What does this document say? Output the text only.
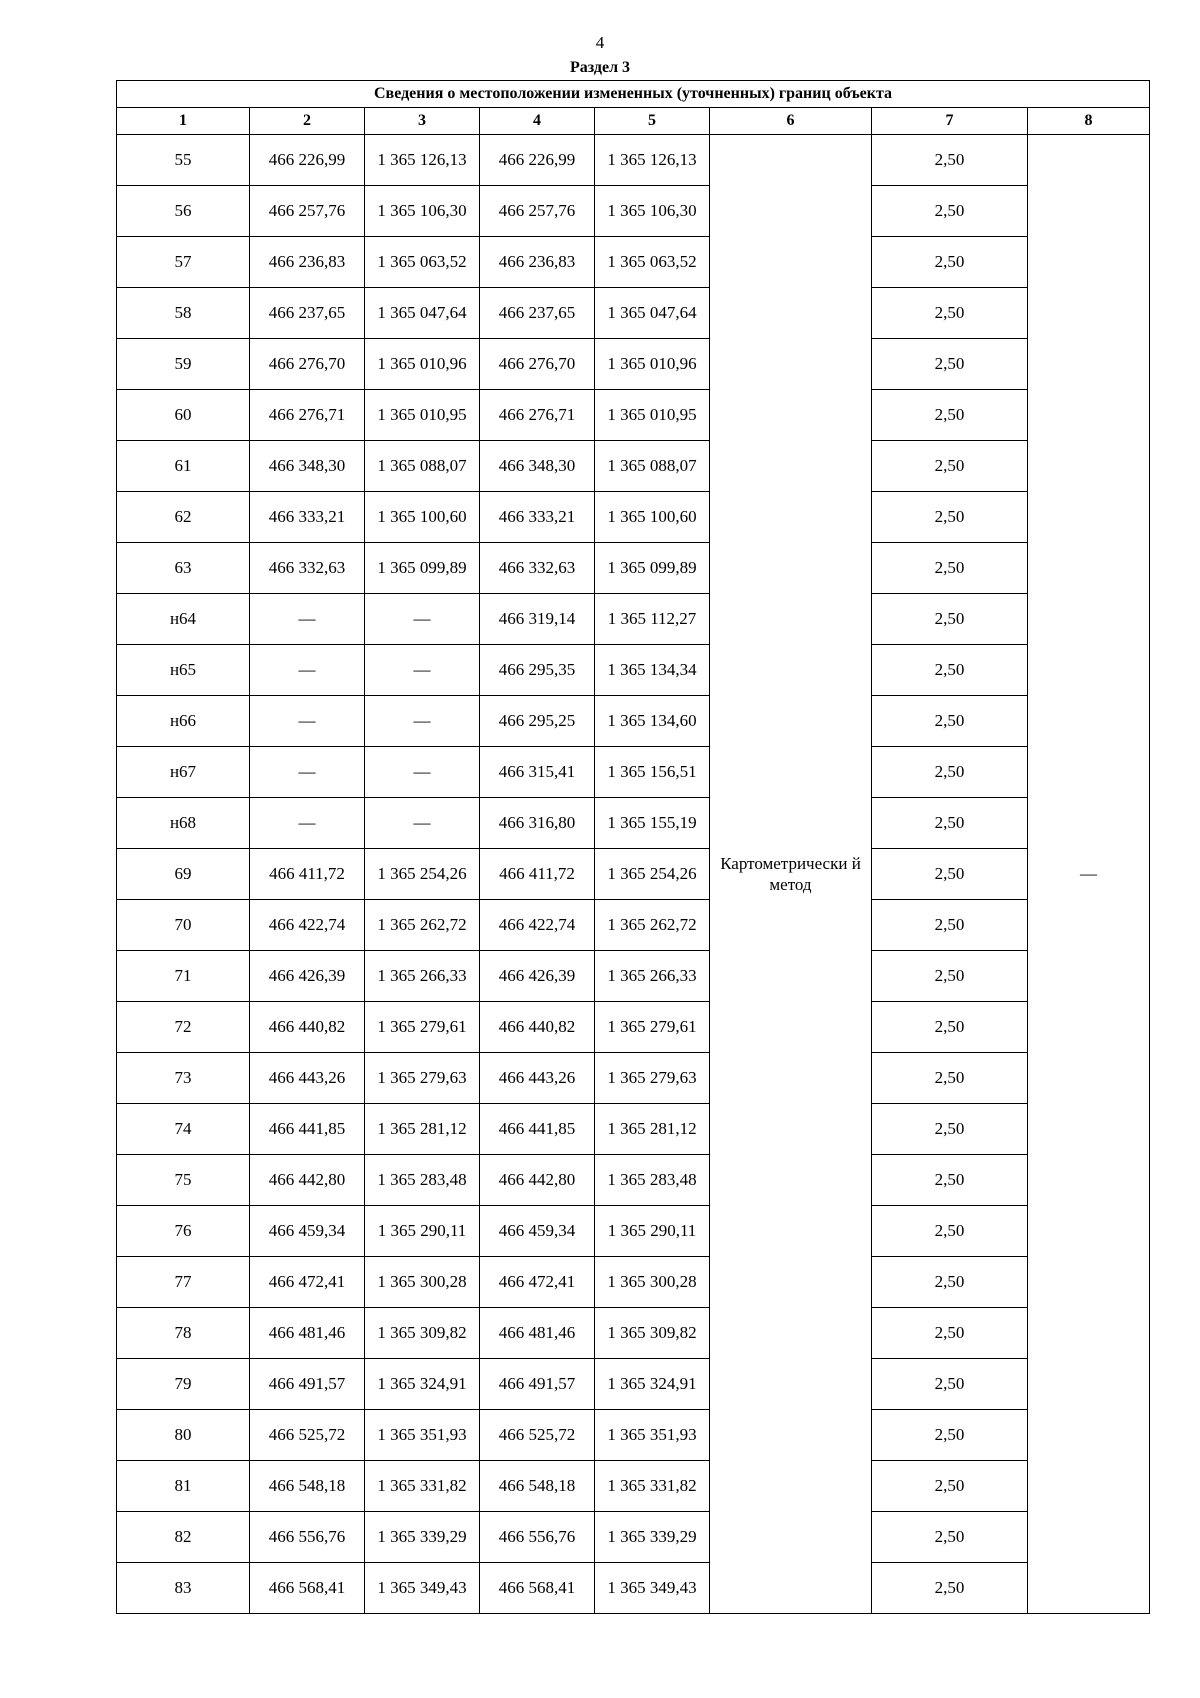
4
Раздел 3
Сведения о местоположении измененных (уточненных) границ объекта							
1	2	3	4	5	6	7	8
55	466 226,99	1 365 126,13	466 226,99	1 365 126,13	Картометрически й метод	2,50	—
56	466 257,76	1 365 106,30	466 257,76	1 365 106,30		2,50	
57	466 236,83	1 365 063,52	466 236,83	1 365 063,52		2,50	
58	466 237,65	1 365 047,64	466 237,65	1 365 047,64		2,50	
59	466 276,70	1 365 010,96	466 276,70	1 365 010,96		2,50	
60	466 276,71	1 365 010,95	466 276,71	1 365 010,95		2,50	
61	466 348,30	1 365 088,07	466 348,30	1 365 088,07		2,50	
62	466 333,21	1 365 100,60	466 333,21	1 365 100,60		2,50	
63	466 332,63	1 365 099,89	466 332,63	1 365 099,89		2,50	
н64	—	—	466 319,14	1 365 112,27		2,50	
н65	—	—	466 295,35	1 365 134,34		2,50	
н66	—	—	466 295,25	1 365 134,60		2,50	
н67	—	—	466 315,41	1 365 156,51		2,50	
н68	—	—	466 316,80	1 365 155,19		2,50	
69	466 411,72	1 365 254,26	466 411,72	1 365 254,26		2,50	
70	466 422,74	1 365 262,72	466 422,74	1 365 262,72		2,50	
71	466 426,39	1 365 266,33	466 426,39	1 365 266,33		2,50	
72	466 440,82	1 365 279,61	466 440,82	1 365 279,61		2,50	
73	466 443,26	1 365 279,63	466 443,26	1 365 279,63		2,50	
74	466 441,85	1 365 281,12	466 441,85	1 365 281,12		2,50	
75	466 442,80	1 365 283,48	466 442,80	1 365 283,48		2,50	
76	466 459,34	1 365 290,11	466 459,34	1 365 290,11		2,50	
77	466 472,41	1 365 300,28	466 472,41	1 365 300,28		2,50	
78	466 481,46	1 365 309,82	466 481,46	1 365 309,82		2,50	
79	466 491,57	1 365 324,91	466 491,57	1 365 324,91		2,50	
80	466 525,72	1 365 351,93	466 525,72	1 365 351,93		2,50	
81	466 548,18	1 365 331,82	466 548,18	1 365 331,82		2,50	
82	466 556,76	1 365 339,29	466 556,76	1 365 339,29		2,50	
83	466 568,41	1 365 349,43	466 568,41	1 365 349,43		2,50	
